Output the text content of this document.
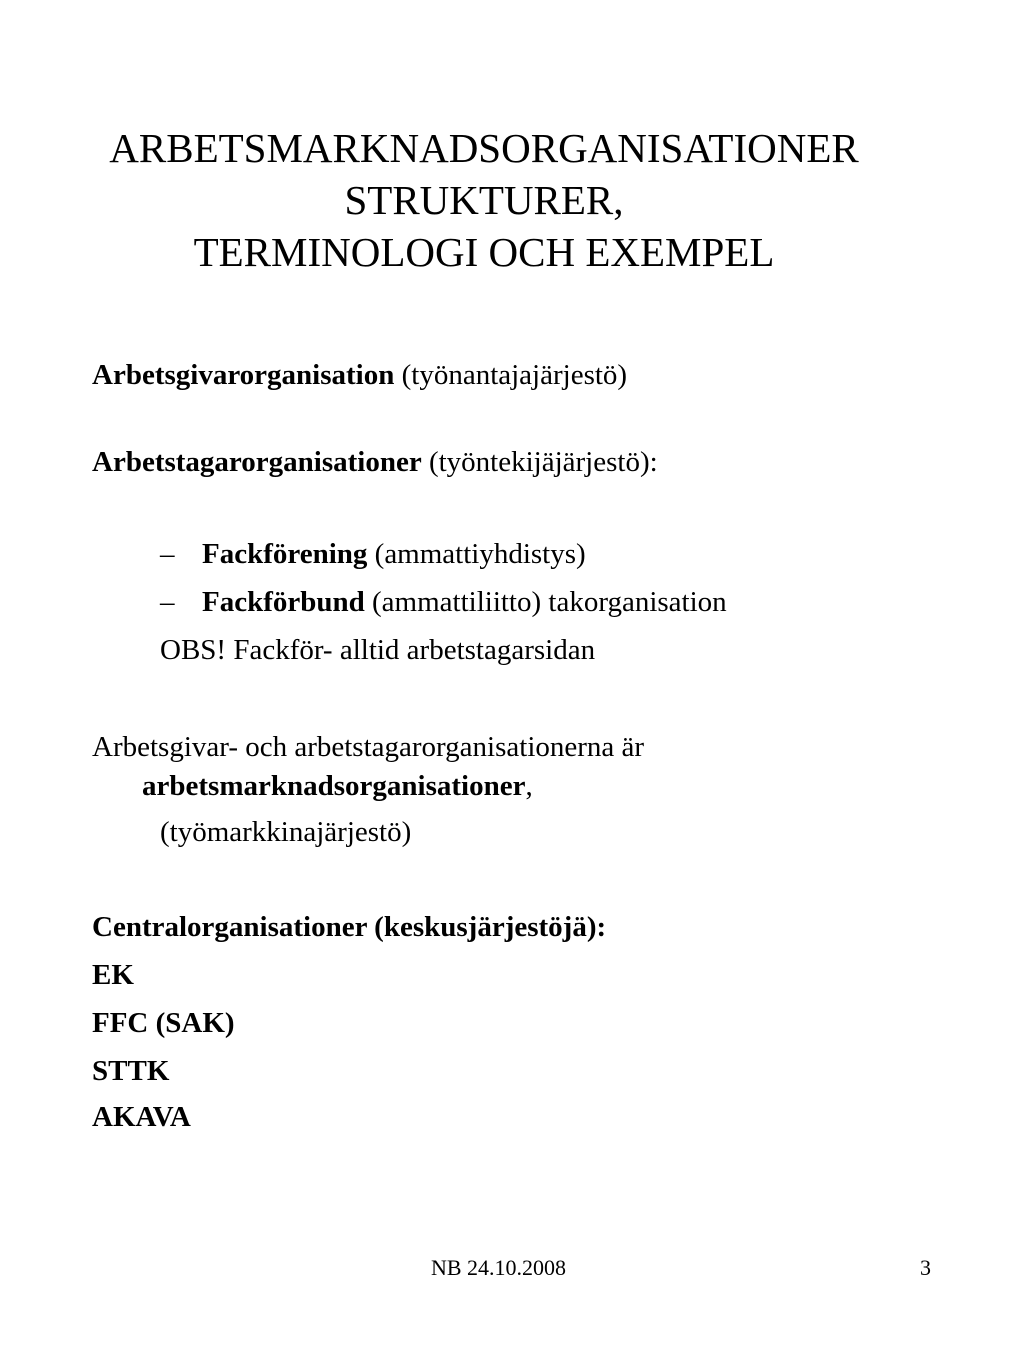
ARBETSMARKNADSORGANISATIONER
STRUKTURER,
TERMINOLOGI OCH EXEMPEL
Arbetsgivarorganisation (työnantajajärjestö)
Arbetstagarorganisationer (työntekijäjärjestö):
– Fackförening (ammattiyhdistys)
– Fackförbund (ammattiliitto) takorganisation
OBS! Fackför- alltid arbetstagarsidan
Arbetsgivar- och arbetstagarorganisationerna är
arbetsmarknadsorganisationer,
(työmarkkinajärjestö)
Centralorganisationer (keskusjärjestöjä):
EK
FFC (SAK)
STTK
AKAVA
NB 24.10.2008	3
